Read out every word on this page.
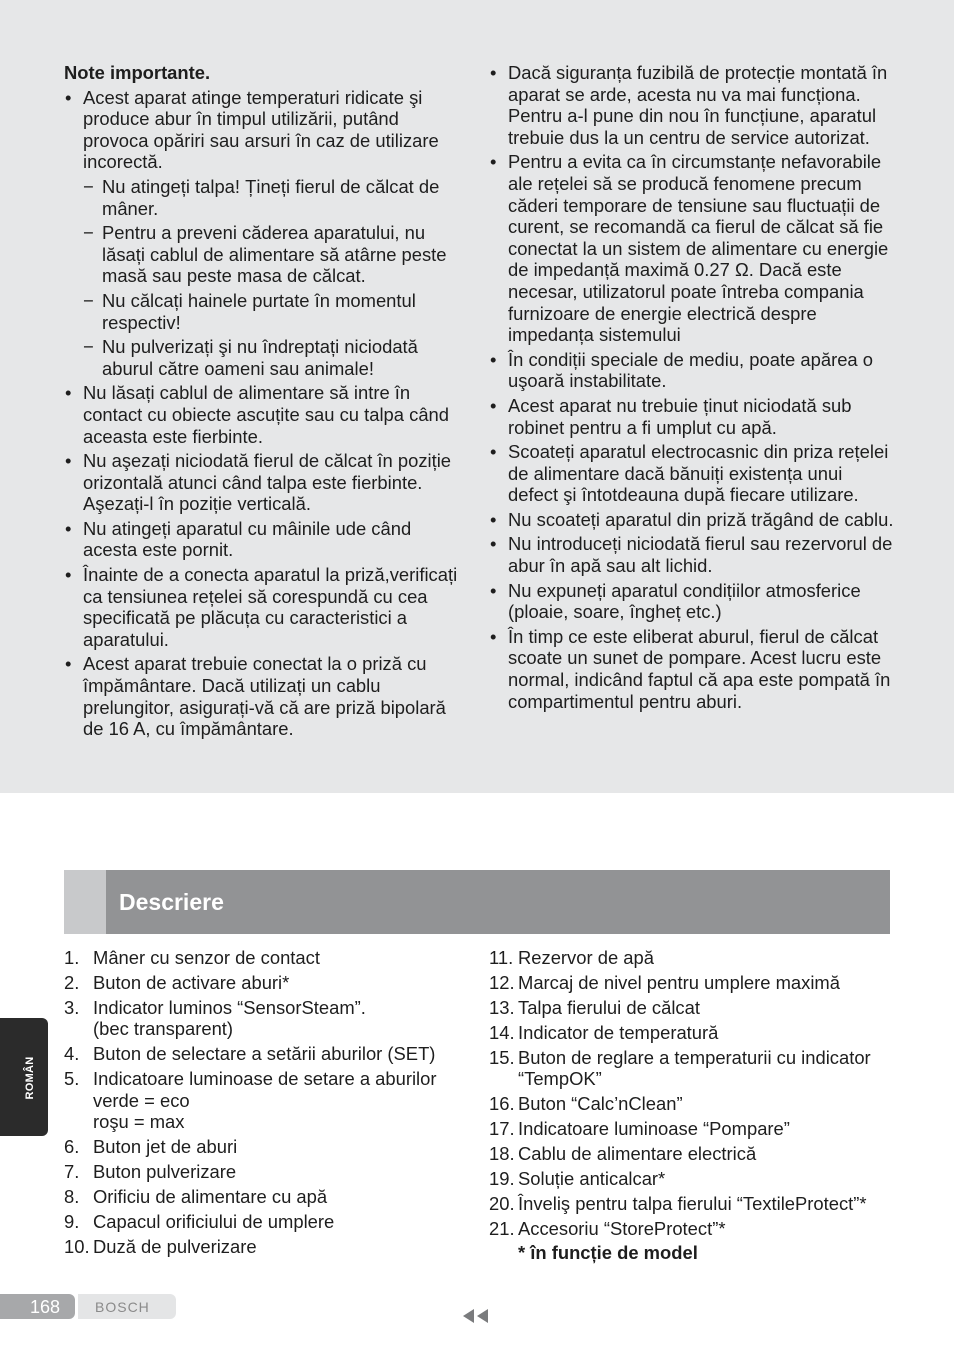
Note importante.
• Acest aparat atinge temperaturi ridicate şi produce abur în timpul utilizării, putând provoca opăriri sau arsuri în caz de utilizare incorectă.
− Nu atingeți talpa! Țineți fierul de călcat de mâner.
− Pentru a preveni căderea aparatului, nu lăsați cablul de alimentare să atârne peste masă sau peste masa de călcat.
− Nu călcați hainele purtate în momentul respectiv!
− Nu pulverizați şi nu îndreptați niciodată aburul către oameni sau animale!
• Nu lăsați cablul de alimentare să intre în contact cu obiecte ascuțite sau cu talpa când aceasta este fierbinte.
• Nu aşezați niciodată fierul de călcat în poziție orizontală atunci când talpa este fierbinte. Aşezați-l în poziție verticală.
• Nu atingeți aparatul cu mâinile ude când acesta este pornit.
• Înainte de a conecta aparatul la priză,verificați ca tensiunea rețelei să corespundă cu cea specificată pe plăcuța cu caracteristici a aparatului.
• Acest aparat trebuie conectat la o priză cu împământare. Dacă utilizați un cablu prelungitor, asigurați-vă că are priză bipolară de 16 A, cu împământare.
• Dacă siguranța fuzibilă de protecție montată în aparat se arde, acesta nu va mai funcționa. Pentru a-l pune din nou în funcțiune, aparatul trebuie dus la un centru de service autorizat.
• Pentru a evita ca în circumstanțe nefavorabile ale rețelei să se producă fenomene precum căderi temporare de tensiune sau fluctuații de curent, se recomandă ca fierul de călcat să fie conectat la un sistem de alimentare cu energie de impedanță maximă 0.27 Ω. Dacă este necesar, utilizatorul poate întreba compania furnizoare de energie electrică despre impedanța sistemului
• În condiții speciale de mediu, poate apărea o uşoară instabilitate.
• Acest aparat nu trebuie ținut niciodată sub robinet pentru a fi umplut cu apă.
• Scoateți aparatul electrocasnic din priza rețelei de alimentare dacă bănuiți existența unui defect şi întotdeauna după fiecare utilizare.
• Nu scoateți aparatul din priză trăgând de cablu.
• Nu introduceți niciodată fierul sau rezervorul de abur în apă sau alt lichid.
• Nu expuneți aparatul condițiilor atmosferice (ploaie, soare, îngheț etc.)
• În timp ce este eliberat aburul, fierul de călcat scoate un sunet de pompare. Acest lucru este normal, indicând faptul că apa este pompată în compartimentul pentru aburi.
Descriere
1. Mâner cu senzor de contact
2. Buton de activare aburi*
3. Indicator luminos “SensorSteam”.
(bec transparent)
4. Buton de selectare a setării aburilor (SET)
5. Indicatoare luminoase de setare a aburilor
verde = eco
roşu = max
6. Buton jet de aburi
7. Buton pulverizare
8. Orificiu de alimentare cu apă
9. Capacul orificiului de umplere
10. Duză de pulverizare
11. Rezervor de apă
12. Marcaj de nivel pentru umplere maximă
13. Talpa fierului de călcat
14. Indicator de temperatură
15. Buton de reglare a temperaturii cu indicator “TempOK”
16. Buton “Calc’nClean”
17. Indicatoare luminoase “Pompare”
18. Cablu de alimentare electrică
19. Soluție anticalcar*
20. Înveliş pentru talpa fierului “TextileProtect”*
21. Accesoriu “StoreProtect”*
* în funcție de model
ROMÂN
168 BOSCH
